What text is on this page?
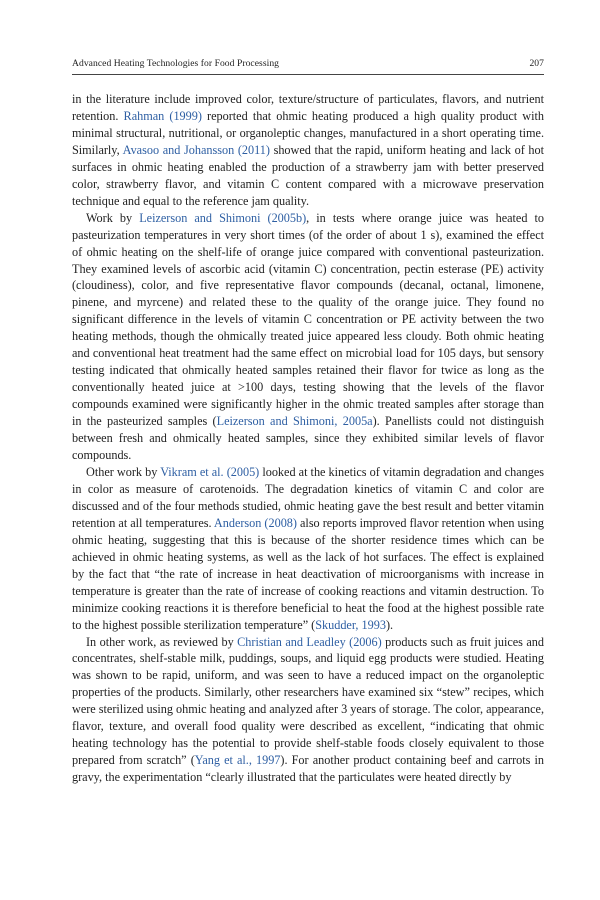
Advanced Heating Technologies for Food Processing	207

in the literature include improved color, texture/structure of particulates, flavors, and nutrient retention. Rahman (1999) reported that ohmic heating produced a high quality product with minimal structural, nutritional, or organoleptic changes, manufactured in a short operating time. Similarly, Avasoo and Johansson (2011) showed that the rapid, uniform heating and lack of hot surfaces in ohmic heating enabled the production of a strawberry jam with better preserved color, strawberry flavor, and vitamin C content compared with a microwave preservation technique and equal to the reference jam quality.

Work by Leizerson and Shimoni (2005b), in tests where orange juice was heated to pasteurization temperatures in very short times (of the order of about 1 s), examined the effect of ohmic heating on the shelf-life of orange juice compared with conventional pasteurization. They examined levels of ascorbic acid (vitamin C) concentration, pectin esterase (PE) activity (cloudiness), color, and five representative flavor compounds (decanal, octanal, limonene, pinene, and myrcene) and related these to the quality of the orange juice. They found no significant difference in the levels of vitamin C concentration or PE activity between the two heating methods, though the ohmically treated juice appeared less cloudy. Both ohmic heating and conventional heat treatment had the same effect on microbial load for 105 days, but sensory testing indicated that ohmically heated samples retained their flavor for twice as long as the conventionally heated juice at >100 days, testing showing that the levels of the flavor compounds examined were significantly higher in the ohmic treated samples after storage than in the pasteurized samples (Leizerson and Shimoni, 2005a). Panellists could not distinguish between fresh and ohmically heated samples, since they exhibited similar levels of flavor compounds.

Other work by Vikram et al. (2005) looked at the kinetics of vitamin degradation and changes in color as measure of carotenoids. The degradation kinetics of vitamin C and color are discussed and of the four methods studied, ohmic heating gave the best result and better vitamin retention at all temperatures. Anderson (2008) also reports improved flavor retention when using ohmic heating, suggesting that this is because of the shorter residence times which can be achieved in ohmic heating systems, as well as the lack of hot surfaces. The effect is explained by the fact that “the rate of increase in heat deactivation of microorganisms with increase in temperature is greater than the rate of increase of cooking reactions and vitamin destruction. To minimize cooking reactions it is therefore beneficial to heat the food at the highest possible rate to the highest possible sterilization temperature” (Skudder, 1993).

In other work, as reviewed by Christian and Leadley (2006) products such as fruit juices and concentrates, shelf-stable milk, puddings, soups, and liquid egg products were studied. Heating was shown to be rapid, uniform, and was seen to have a reduced impact on the organoleptic properties of the products. Similarly, other researchers have examined six “stew” recipes, which were sterilized using ohmic heating and analyzed after 3 years of storage. The color, appearance, flavor, texture, and overall food quality were described as excellent, “indicating that ohmic heating technology has the potential to provide shelf-stable foods closely equivalent to those prepared from scratch” (Yang et al., 1997). For another product containing beef and carrots in gravy, the experimentation “clearly illustrated that the particulates were heated directly by
